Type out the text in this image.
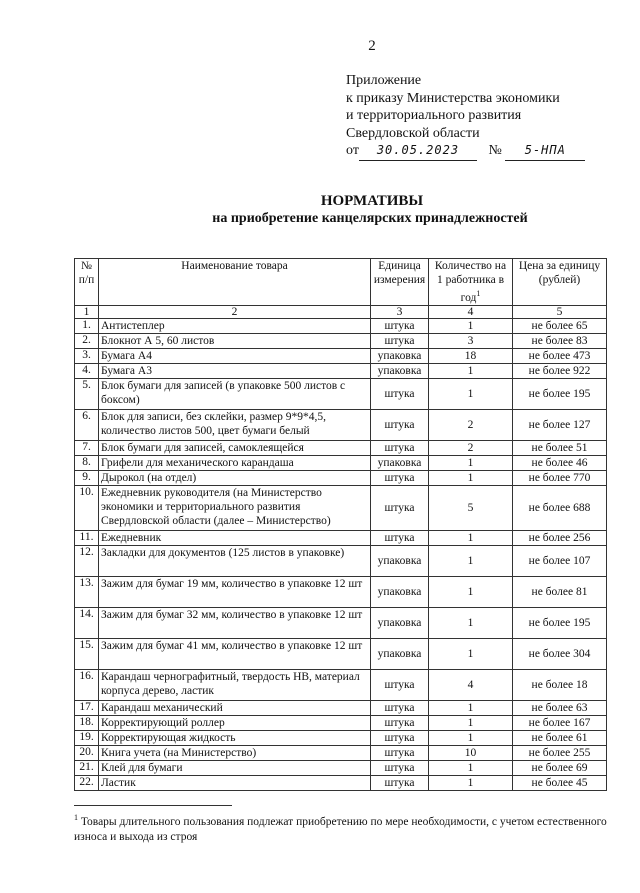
2
Приложение
к приказу Министерства экономики
и территориального развития
Свердловской области
от 30.05.2023 № 5-НПА
НОРМАТИВЫ
на приобретение канцелярских принадлежностей
№ п/п	Наименование товара	Единица измерения	Количество на 1 работника в год$^1$	Цена за единицу (рублей)
1	2	3	4	5
1.	Антистеплер	штука	1	не более 65
2.	Блокнот А 5, 60 листов	штука	3	не более 83
3.	Бумага А4	упаковка	18	не более 473
4.	Бумага А3	упаковка	1	не более 922
5.	Блок бумаги для записей (в упаковке 500 листов с боксом)	штука	1	не более 195
6.	Блок для записи, без склейки, размер 9*9*4,5, количество листов 500, цвет бумаги белый	штука	2	не более 127
7.	Блок бумаги для записей, самоклеящейся	штука	2	не более 51
8.	Грифели для механического карандаша	упаковка	1	не более 46
9.	Дырокол (на отдел)	штука	1	не более 770
10.	Ежедневник руководителя (на Министерство экономики и территориального развития Свердловской области (далее – Министерство)	штука	5	не более 688
11.	Ежедневник	штука	1	не более 256
12.	Закладки для документов (125 листов в упаковке)	упаковка	1	не более 107
13.	Зажим для бумаг 19 мм, количество в упаковке 12 шт	упаковка	1	не более 81
14.	Зажим для бумаг 32 мм, количество в упаковке 12 шт	упаковка	1	не более 195
15.	Зажим для бумаг 41 мм, количество в упаковке 12 шт	упаковка	1	не более 304
16.	Карандаш чернографитный, твердость НВ, материал корпуса дерево, ластик	штука	4	не более 18
17.	Карандаш механический	штука	1	не более 63
18.	Корректирующий роллер	штука	1	не более 167
19.	Корректирующая жидкость	штука	1	не более 61
20.	Книга учета (на Министерство)	штука	10	не более 255
21.	Клей для бумаги	штука	1	не более 69
22.	Ластик	штука	1	не более 45
$^1$ Товары длительного пользования подлежат приобретению по мере необходимости, с учетом естественного износа и выхода из строя
